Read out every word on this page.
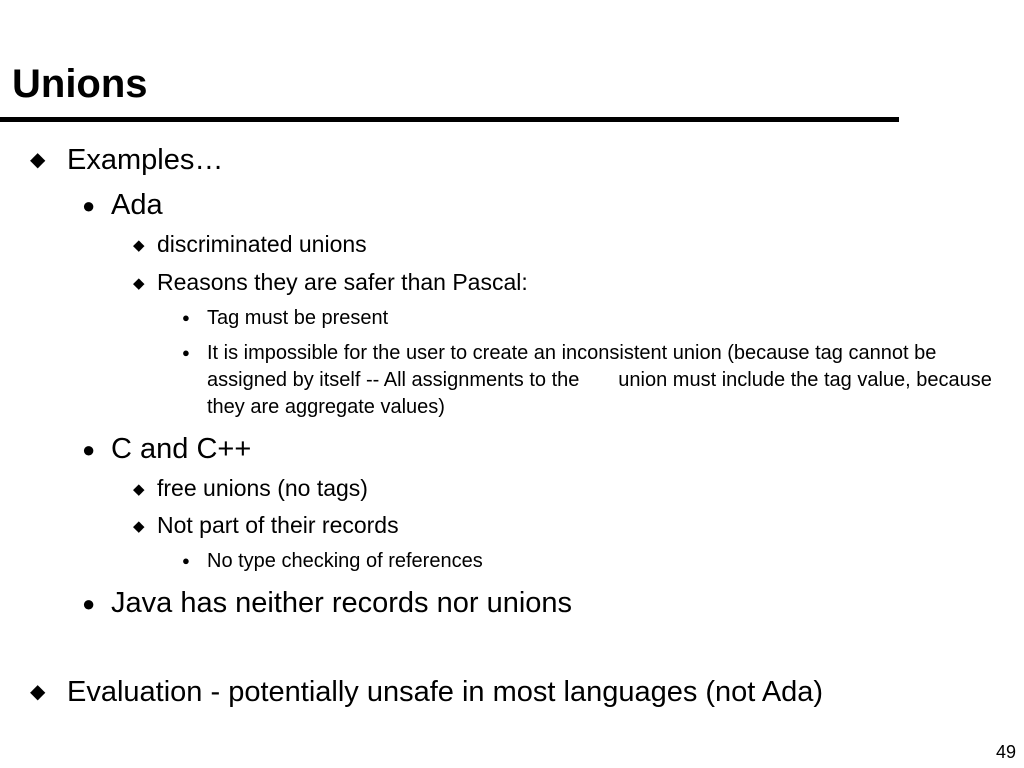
Unions
◆ Examples…
● Ada
◆ discriminated unions
◆ Reasons they are safer than Pascal:
● Tag must be present
● It is impossible for the user to create an inconsistent union (because tag cannot be assigned by itself -- All assignments to the       union must include the tag value, because they are aggregate values)
● C and C++
◆ free unions (no tags)
◆ Not part of their records
● No type checking of references
● Java has neither records nor unions
◆ Evaluation - potentially unsafe in most languages (not Ada)
49
